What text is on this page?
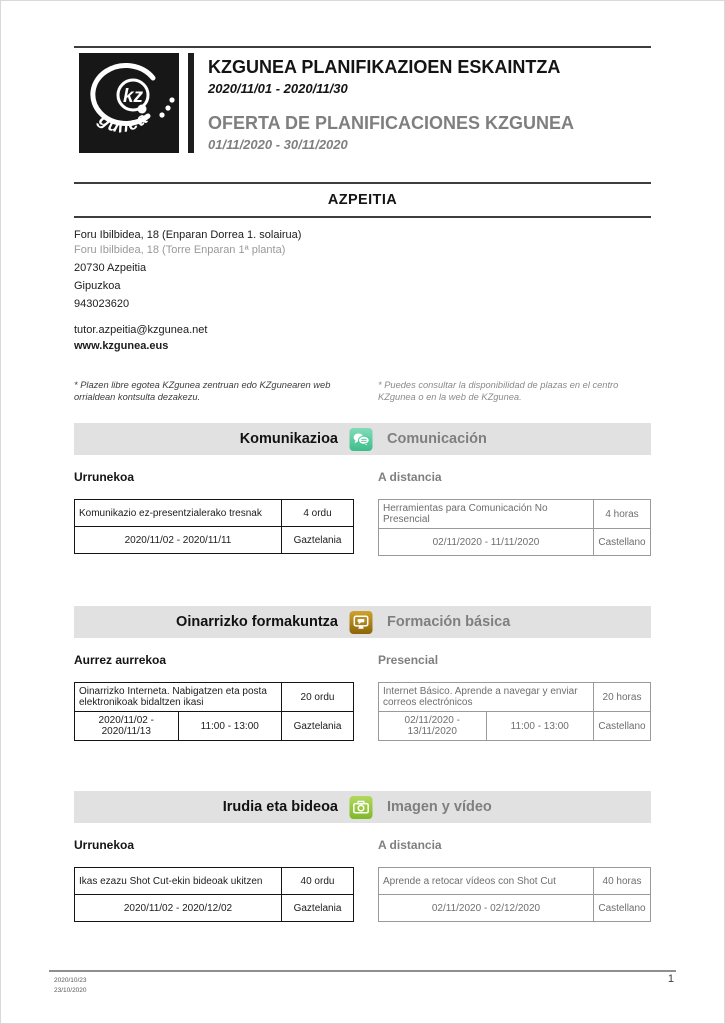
kz
gunea
KZGUNEA PLANIFIKAZIOEN ESKAINTZA
2020/11/01 - 2020/11/30
OFERTA DE PLANIFICACIONES KZGUNEA
01/11/2020 - 30/11/2020
AZPEITIA
Foru Ibilbidea, 18 (Enparan Dorrea 1. solairua)
Foru Ibilbidea, 18 (Torre Enparan 1ª planta)
20730 Azpeitia
Gipuzkoa
943023620
tutor.azpeitia@kzgunea.net
www.kzgunea.eus
* Plazen libre egotea KZgunea zentruan edo KZgunearen web orrialdean kontsulta dezakezu.
* Puedes consultar la disponibilidad de plazas en el centro KZgunea o en la web de KZgunea.
Komunikazioa	Comunicación
Urrunekoa
Komunikazio ez-presentzialerako tresnak	4 ordu
2020/11/02 - 2020/11/11	Gaztelania
A distancia
Herramientas para Comunicación No Presencial	4 horas
02/11/2020 - 11/11/2020	Castellano
Oinarrizko formakuntza	Formación básica
Aurrez aurrekoa
Oinarrizko Interneta. Nabigatzen eta posta elektronikoak bidaltzen ikasi		20 ordu
2020/11/02 - 2020/11/13	11:00 - 13:00	Gaztelania
Presencial
Internet Básico. Aprende a navegar y enviar correos electrónicos		20 horas
02/11/2020 - 13/11/2020	11:00 - 13:00	Castellano
Irudia eta bideoa	Imagen y vídeo
Urrunekoa
Ikas ezazu Shot Cut-ekin bideoak ukitzen	40 ordu
2020/11/02 - 2020/12/02	Gaztelania
A distancia
Aprende a retocar vídeos con Shot Cut	40 horas
02/11/2020 - 02/12/2020	Castellano
2020/10/23
23/10/2020
1
